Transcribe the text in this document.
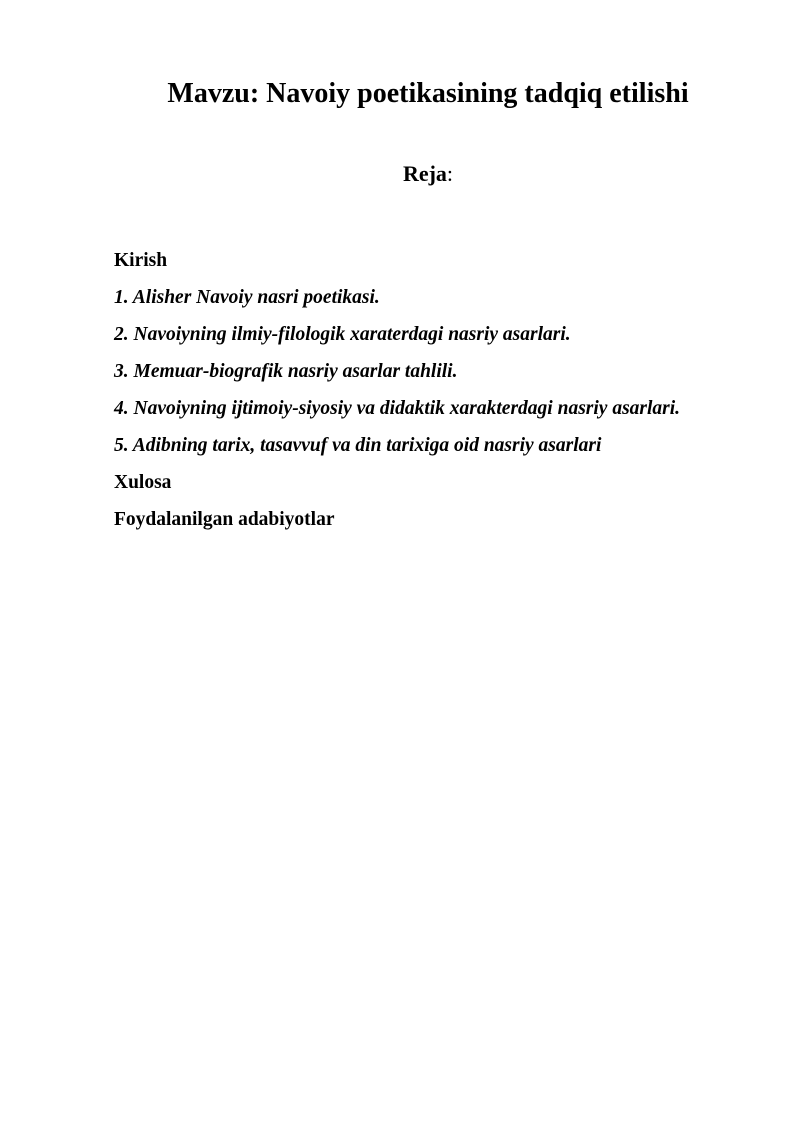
Mavzu: Navoiy poetikasining tadqiq etilishi
Reja:
Kirish
1. Alisher Navoiy nasri poetikasi.
2. Navoiyning ilmiy-filologik xaraterdagi nasriy asarlari.
3. Memuar-biografik nasriy asarlar tahlili.
4. Navoiyning ijtimoiy-siyosiy va didaktik xarakterdagi nasriy asarlari.
5. Adibning tarix, tasavvuf va din tarixiga oid nasriy asarlari
Xulosa
Foydalanilgan adabiyotlar
